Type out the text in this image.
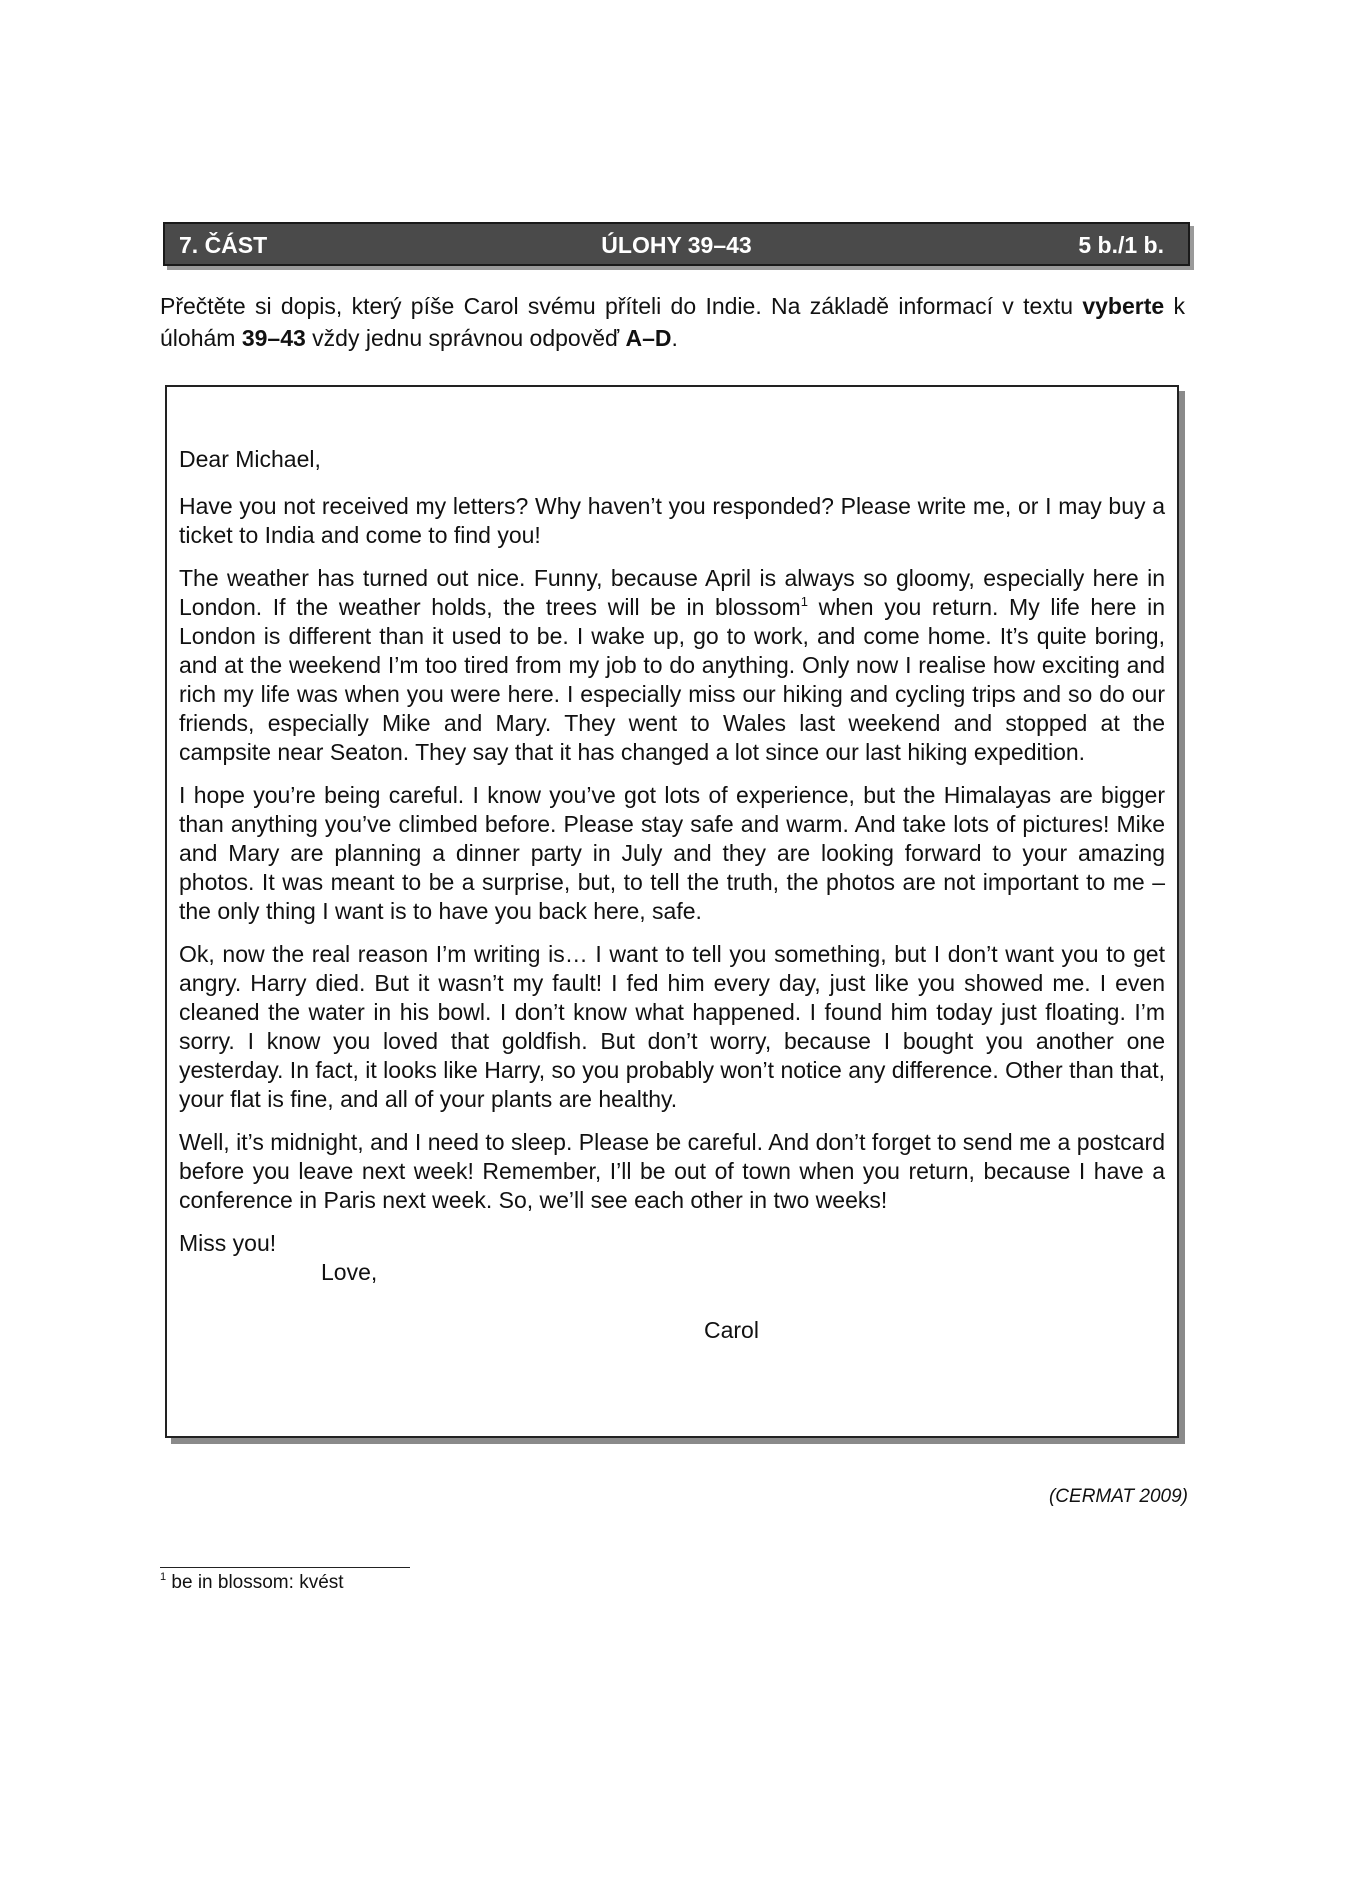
7. ČÁST	ÚLOHY 39–43	5 b./1 b.
Přečtěte si dopis, který píše Carol svému příteli do Indie. Na základě informací v textu vyberte k úlohám 39–43 vždy jednu správnou odpověď A–D.

Dear Michael,

Have you not received my letters? Why haven’t you responded? Please write me, or I may buy a ticket to India and come to find you!

The weather has turned out nice. Funny, because April is always so gloomy, especially here in London. If the weather holds, the trees will be in blossom$^1$ when you return. My life here in London is different than it used to be. I wake up, go to work, and come home. It’s quite boring, and at the weekend I’m too tired from my job to do anything. Only now I realise how exciting and rich my life was when you were here. I especially miss our hiking and cycling trips and so do our friends, especially Mike and Mary. They went to Wales last weekend and stopped at the campsite near Seaton. They say that it has changed a lot since our last hiking expedition.

I hope you’re being careful. I know you’ve got lots of experience, but the Himalayas are bigger than anything you’ve climbed before. Please stay safe and warm. And take lots of pictures! Mike and Mary are planning a dinner party in July and they are looking forward to your amazing photos. It was meant to be a surprise, but, to tell the truth, the photos are not important to me – the only thing I want is to have you back here, safe.

Ok, now the real reason I’m writing is… I want to tell you something, but I don’t want you to get angry. Harry died. But it wasn’t my fault! I fed him every day, just like you showed me. I even cleaned the water in his bowl. I don’t know what happened. I found him today just floating. I’m sorry. I know you loved that goldfish. But don’t worry, because I bought you another one yesterday. In fact, it looks like Harry, so you probably won’t notice any difference. Other than that, your flat is fine, and all of your plants are healthy.

Well, it’s midnight, and I need to sleep. Please be careful. And don’t forget to send me a postcard before you leave next week! Remember, I’ll be out of town when you return, because I have a conference in Paris next week. So, we’ll see each other in two weeks!

Miss you!

Love,

Carol

(CERMAT 2009)
$^1$ be in blossom: kvést
